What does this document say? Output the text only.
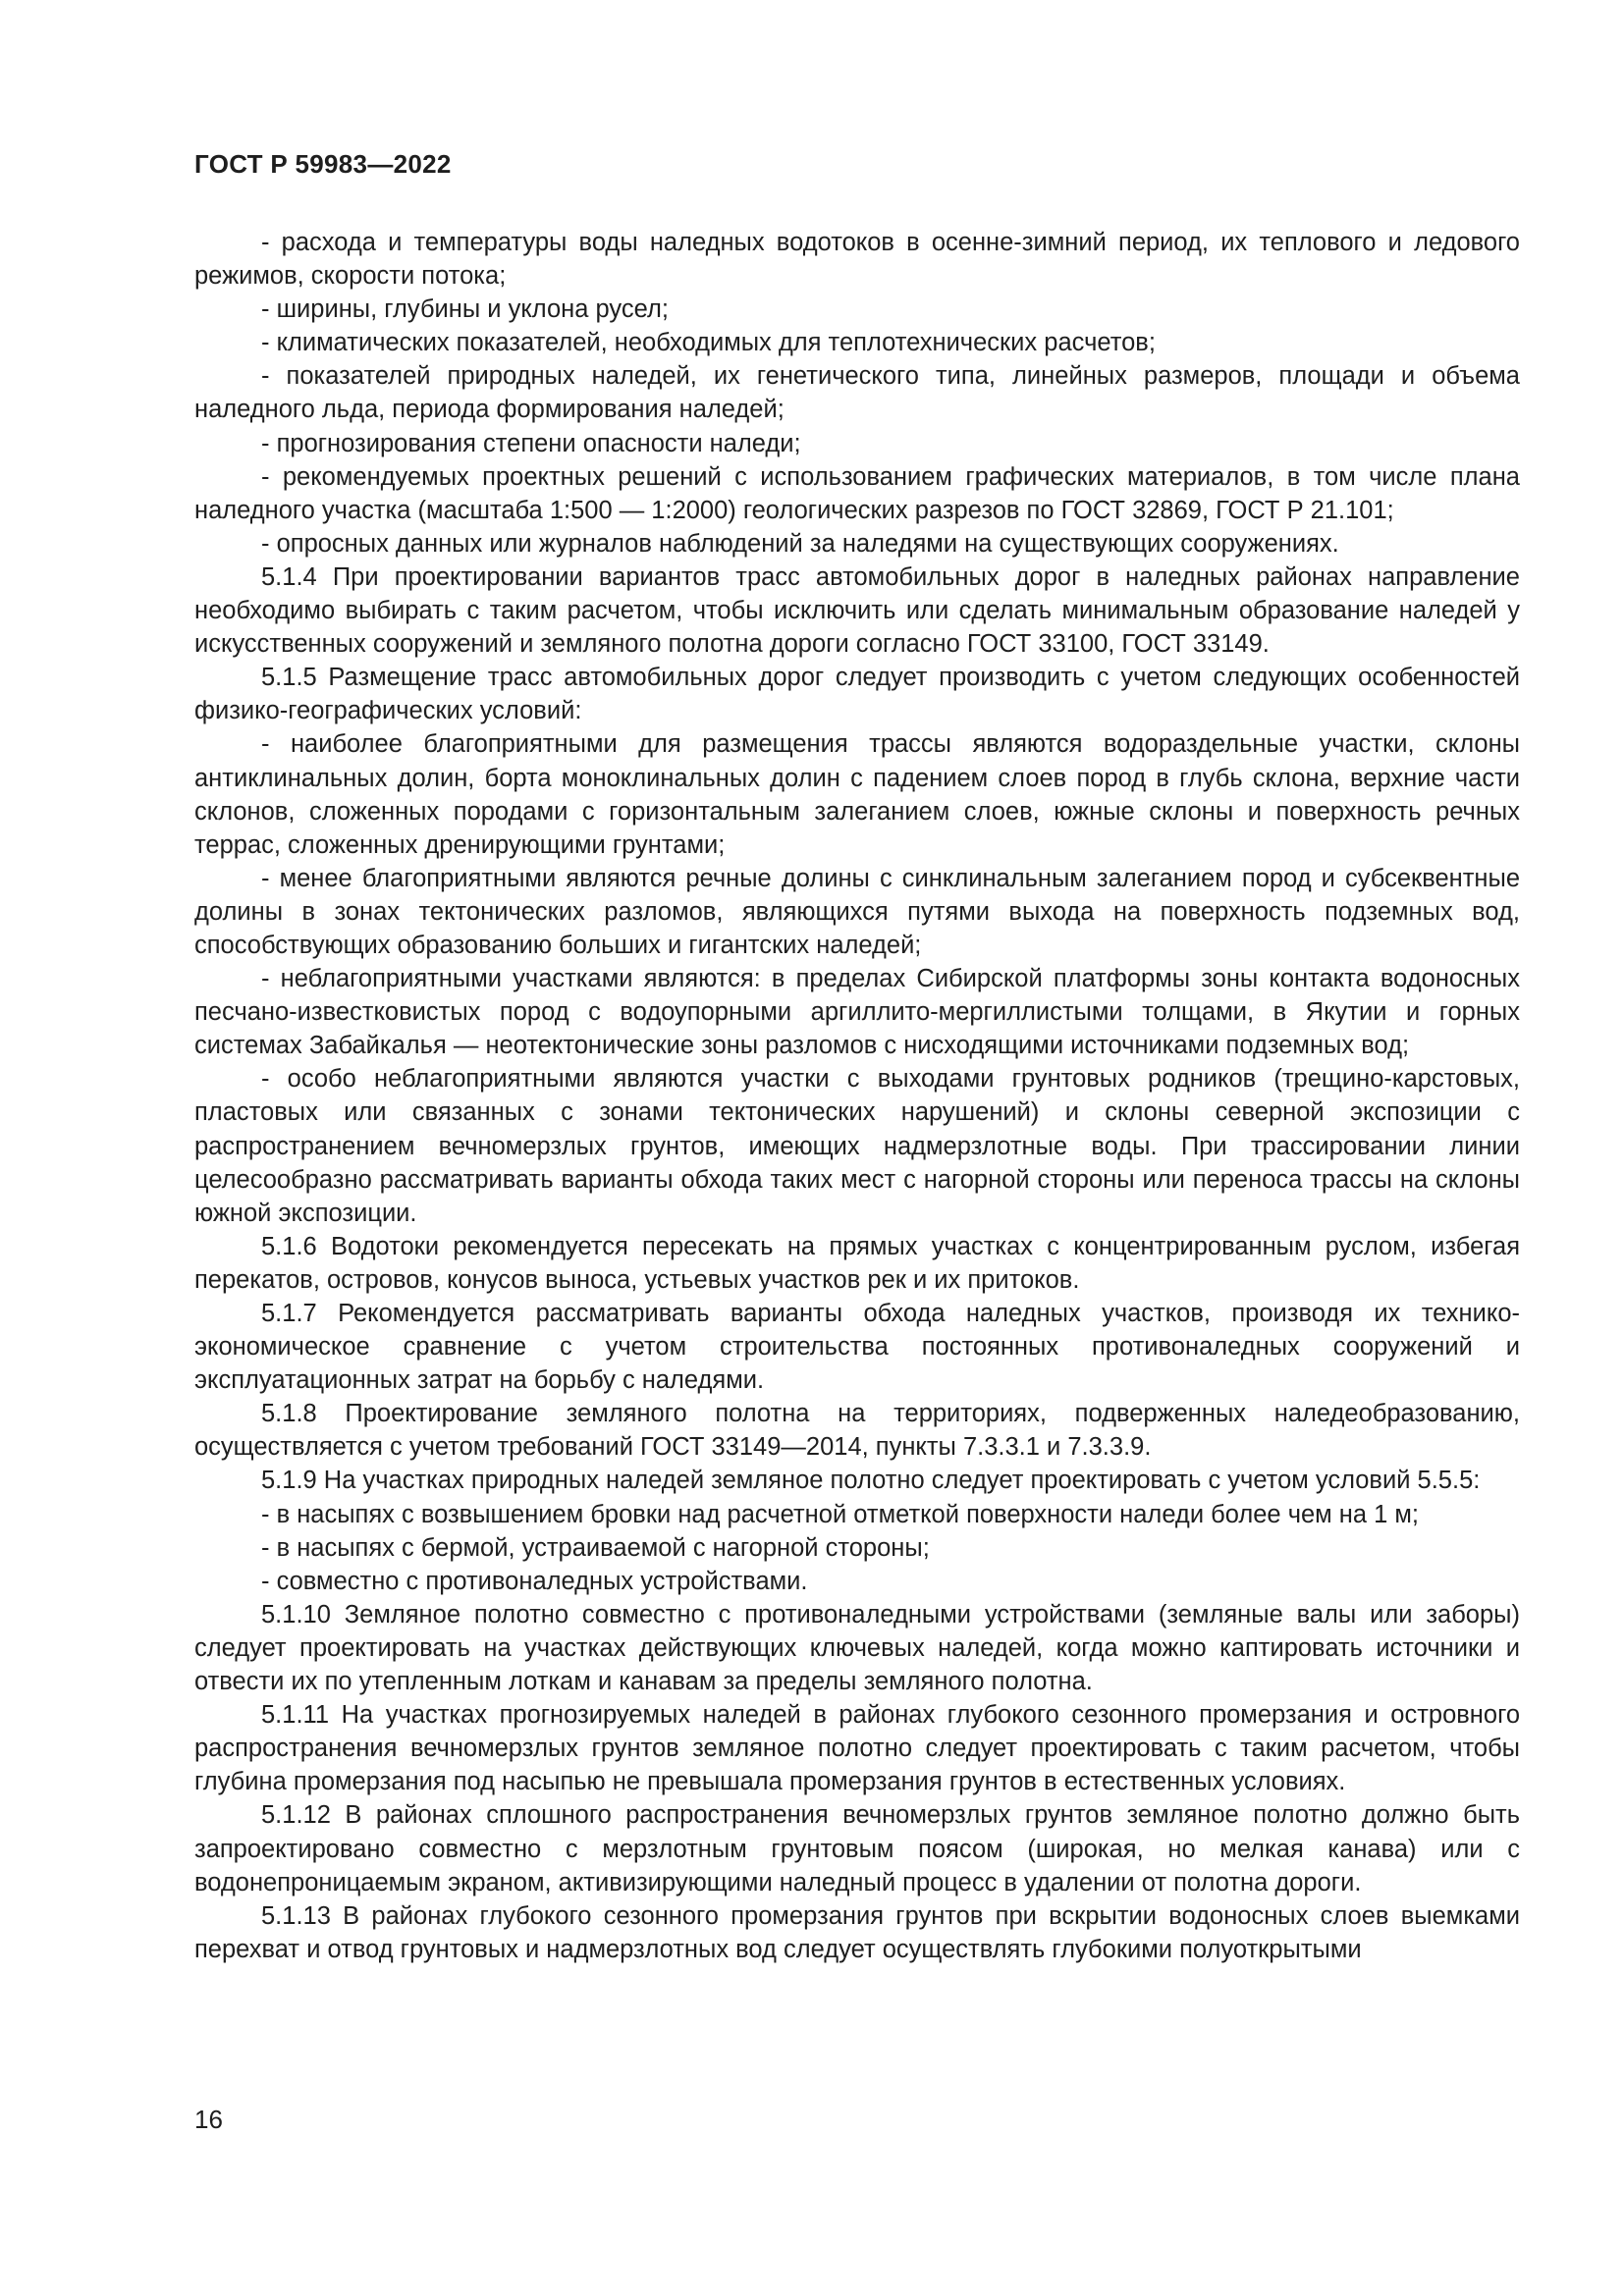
ГОСТ Р 59983—2022

- расхода и температуры воды наледных водотоков в осенне-зимний период, их теплового и ледового режимов, скорости потока;

- ширины, глубины и уклона русел;

- климатических показателей, необходимых для теплотехнических расчетов;

- показателей природных наледей, их генетического типа, линейных размеров, площади и объема наледного льда, периода формирования наледей;

- прогнозирования степени опасности наледи;

- рекомендуемых проектных решений с использованием графических материалов, в том числе плана наледного участка (масштаба 1:500 — 1:2000) геологических разрезов по ГОСТ 32869, ГОСТ Р 21.101;

- опросных данных или журналов наблюдений за наледями на существующих сооружениях.

5.1.4 При проектировании вариантов трасс автомобильных дорог в наледных районах направление необходимо выбирать с таким расчетом, чтобы исключить или сделать минимальным образование наледей у искусственных сооружений и земляного полотна дороги согласно ГОСТ 33100, ГОСТ 33149.

5.1.5 Размещение трасс автомобильных дорог следует производить с учетом следующих особенностей физико-географических условий:

- наиболее благоприятными для размещения трассы являются водораздельные участки, склоны антиклинальных долин, борта моноклинальных долин с падением слоев пород в глубь склона, верхние части склонов, сложенных породами с горизонтальным залеганием слоев, южные склоны и поверхность речных террас, сложенных дренирующими грунтами;

- менее благоприятными являются речные долины с синклинальным залеганием пород и субсеквентные долины в зонах тектонических разломов, являющихся путями выхода на поверхность подземных вод, способствующих образованию больших и гигантских наледей;

- неблагоприятными участками являются: в пределах Сибирской платформы зоны контакта водоносных песчано-известковистых пород с водоупорными аргиллито-мергиллистыми толщами, в Якутии и горных системах Забайкалья — неотектонические зоны разломов с нисходящими источниками подземных вод;

- особо неблагоприятными являются участки с выходами грунтовых родников (трещино-карстовых, пластовых или связанных с зонами тектонических нарушений) и склоны северной экспозиции с распространением вечномерзлых грунтов, имеющих надмерзлотные воды. При трассировании линии целесообразно рассматривать варианты обхода таких мест с нагорной стороны или переноса трассы на склоны южной экспозиции.

5.1.6 Водотоки рекомендуется пересекать на прямых участках с концентрированным руслом, избегая перекатов, островов, конусов выноса, устьевых участков рек и их притоков.

5.1.7 Рекомендуется рассматривать варианты обхода наледных участков, производя их технико-экономическое сравнение с учетом строительства постоянных противоналедных сооружений и эксплуатационных затрат на борьбу с наледями.

5.1.8 Проектирование земляного полотна на территориях, подверженных наледеобразованию, осуществляется с учетом требований ГОСТ 33149—2014, пункты 7.3.3.1 и 7.3.3.9.

5.1.9 На участках природных наледей земляное полотно следует проектировать с учетом условий 5.5.5:

- в насыпях с возвышением бровки над расчетной отметкой поверхности наледи более чем на 1 м;

- в насыпях с бермой, устраиваемой с нагорной стороны;

- совместно с противоналедных устройствами.

5.1.10 Земляное полотно совместно с противоналедными устройствами (земляные валы или заборы) следует проектировать на участках действующих ключевых наледей, когда можно каптировать источники и отвести их по утепленным лоткам и канавам за пределы земляного полотна.

5.1.11 На участках прогнозируемых наледей в районах глубокого сезонного промерзания и островного распространения вечномерзлых грунтов земляное полотно следует проектировать с таким расчетом, чтобы глубина промерзания под насыпью не превышала промерзания грунтов в естественных условиях.

5.1.12 В районах сплошного распространения вечномерзлых грунтов земляное полотно должно быть запроектировано совместно с мерзлотным грунтовым поясом (широкая, но мелкая канава) или с водонепроницаемым экраном, активизирующими наледный процесс в удалении от полотна дороги.

5.1.13 В районах глубокого сезонного промерзания грунтов при вскрытии водоносных слоев выемками перехват и отвод грунтовых и надмерзлотных вод следует осуществлять глубокими полуоткрытыми

16
